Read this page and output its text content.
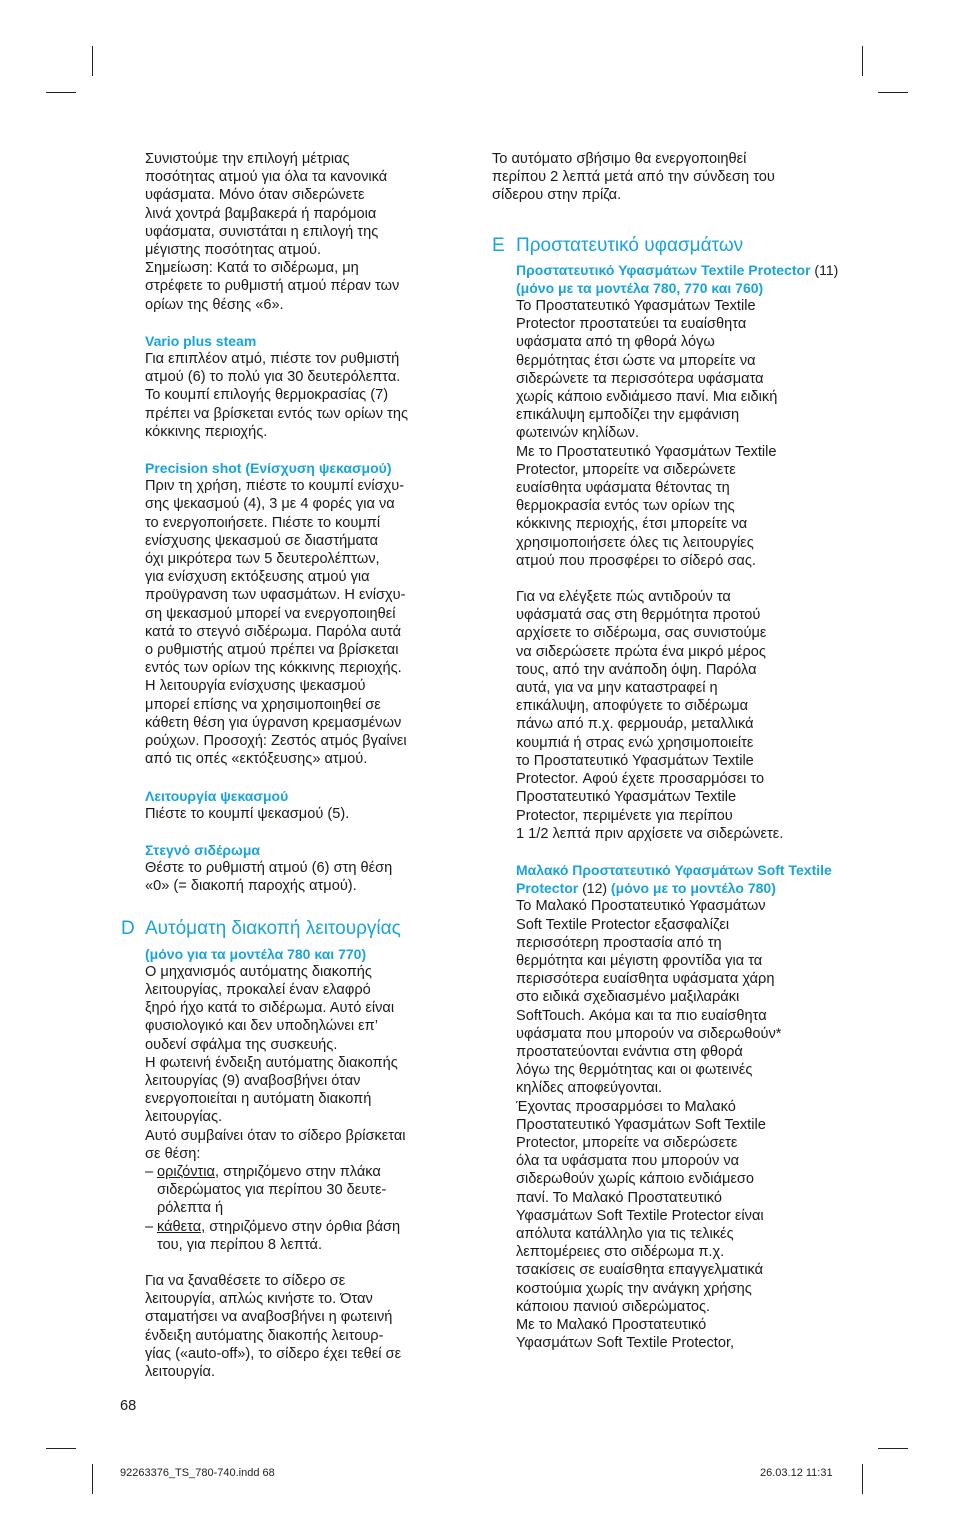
Συνιστούμε την επιλογή μέτριας
ποσότητας ατμού για όλα τα κανονικά
υφάσματα. Μόνο όταν σιδερώνετε
λινά χοντρά βαμβακερά ή παρόμοια
υφάσματα, συνιστάται η επιλογή της
μέγιστης ποσότητας ατμού.
Σημείωση: Κατά το σιδέρωμα, μη
στρέφετε το ρυθμιστή ατμού πέραν των
ορίων της θέσης «6».

Vario plus steam

Για επιπλέον ατμό, πιέστε τον ρυθμιστή
ατμού (6) το πολύ για 30 δευτερόλεπτα.
Το κουμπί επιλογής θερμοκρασίας (7)
πρέπει να βρίσκεται εντός των ορίων της
κόκκινης περιοχής.

Precision shot (Ενίσχυση ψεκασμού)

Πριν τη χρήση, πιέστε το κουμπί ενίσχυ-
σης ψεκασμού (4), 3 με 4 φορές για να
το ενεργοποιήσετε. Πιέστε το κουμπί
ενίσχυσης ψεκασμού σε διαστήματα
όχι μικρότερα των 5 δευτερολέπτων,
για ενίσχυση εκτόξευσης ατμού για
προϋγρανση των υφασμάτων. Η ενίσχυ-
ση ψεκασμού μπορεί να ενεργοποιηθεί
κατά το στεγνό σιδέρωμα. Παρόλα αυτά
ο ρυθμιστής ατμού πρέπει να βρίσκεται
εντός των ορίων της κόκκινης περιοχής.
Η λειτουργία ενίσχυσης ψεκασμού
μπορεί επίσης να χρησιμοποιηθεί σε
κάθετη θέση για ύγρανση κρεμασμένων
ρούχων. Προσοχή: Ζεστός ατμός βγαίνει
από τις οπές «εκτόξευσης» ατμού.

Λειτουργία ψεκασμού

Πιέστε το κουμπί ψεκασμού (5).

Στεγνό σιδέρωμα

Θέστε το ρυθμιστή ατμού (6) στη θέση
«0» (= διακοπή παροχής ατμού).

D Αυτόματη διακοπή λειτουργίας

(μόνο για τα μοντέλα 780 και 770)

Ο μηχανισμός αυτόματης διακοπής
λειτουργίας, προκαλεί έναν ελαφρό
ξηρό ήχο κατά το σιδέρωμα. Αυτό είναι
φυσιολογικό και δεν υποδηλώνει επ’
ουδενί σφάλμα της συσκευής.
Η φωτεινή ένδειξη αυτόματης διακοπής
λειτουργίας (9) αναβοσβήνει όταν
ενεργοποιείται η αυτόματη διακοπή
λειτουργίας.
Αυτό συμβαίνει όταν το σίδερο βρίσκεται
σε θέση:

– οριζόντια, στηριζόμενο στην πλάκα
σιδερώματος για περίπου 30 δευτε-
ρόλεπτα ή
– κάθετα, στηριζόμενο στην όρθια βάση
του, για περίπου 8 λεπτά.

Για να ξαναθέσετε το σίδερο σε
λειτουργία, απλώς κινήστε το. Όταν
σταματήσει να αναβοσβήνει η φωτεινή
ένδειξη αυτόματης διακοπής λειτουρ-
γίας («auto-off»), το σίδερο έχει τεθεί σε
λειτουργία.

Το αυτόματο σβήσιμο θα ενεργοποιηθεί
περίπου 2 λεπτά μετά από την σύνδεση του
σίδερου στην πρίζα.

E Προστατευτικό υφασμάτων

Προστατευτικό Υφασμάτων Textile Protector (11) (μόνο με τα μοντέλα 780, 770 και 760)

Το Προστατευτικό Υφασμάτων Textile
Protector προστατεύει τα ευαίσθητα
υφάσματα από τη φθορά λόγω
θερμότητας έτσι ώστε να μπορείτε να
σιδερώνετε τα περισσότερα υφάσματα
χωρίς κάποιο ενδιάμεσο πανί. Μια ειδική
επικάλυψη εμποδίζει την εμφάνιση
φωτεινών κηλίδων.
Με το Προστατευτικό Υφασμάτων Textile
Protector, μπορείτε να σιδερώνετε
ευαίσθητα υφάσματα θέτοντας τη
θερμοκρασία εντός των ορίων της
κόκκινης περιοχής, έτσι μπορείτε να
χρησιμοποιήσετε όλες τις λειτουργίες
ατμού που προσφέρει το σίδερό σας.

Για να ελέγξετε πώς αντιδρούν τα
υφάσματά σας στη θερμότητα προτού
αρχίσετε το σιδέρωμα, σας συνιστούμε
να σιδερώσετε πρώτα ένα μικρό μέρος
τους, από την ανάποδη όψη. Παρόλα
αυτά, για να μην καταστραφεί η
επικάλυψη, αποφύγετε το σιδέρωμα
πάνω από π.χ. φερμουάρ, μεταλλικά
κουμπιά ή στρας ενώ χρησιμοποιείτε
το Προστατευτικό Υφασμάτων Textile
Protector. Αφού έχετε προσαρμόσει το
Προστατευτικό Υφασμάτων Textile
Protector, περιμένετε για περίπου
1 1/2 λεπτά πριν αρχίσετε να σιδερώνετε.

Μαλακό Προστατευτικό Υφασμάτων Soft Textile Protector (12) (μόνο με το μοντέλο 780)

Το Μαλακό Προστατευτικό Υφασμάτων
Soft Textile Protector εξασφαλίζει
περισσότερη προστασία από τη
θερμότητα και μέγιστη φροντίδα για τα
περισσότερα ευαίσθητα υφάσματα χάρη
στο ειδικά σχεδιασμένο μαξιλαράκι
SoftTouch. Ακόμα και τα πιο ευαίσθητα
υφάσματα που μπορούν να σιδερωθούν*
προστατεύονται ενάντια στη φθορά
λόγω της θερμότητας και οι φωτεινές
κηλίδες αποφεύγονται.
Έχοντας προσαρμόσει το Μαλακό
Προστατευτικό Υφασμάτων Soft Textile
Protector, μπορείτε να σιδερώσετε
όλα τα υφάσματα που μπορούν να
σιδερωθούν χωρίς κάποιο ενδιάμεσο
πανί. Το Μαλακό Προστατευτικό
Υφασμάτων Soft Textile Protector είναι
απόλυτα κατάλληλο για τις τελικές
λεπτομέρειες στο σιδέρωμα π.χ.
τσακίσεις σε ευαίσθητα επαγγελματικά
κοστούμια χωρίς την ανάγκη χρήσης
κάποιου πανιού σιδερώματος.
Με το Μαλακό Προστατευτικό
Υφασμάτων Soft Textile Protector,

68
92263376_TS_780-740.indd 68	26.03.12 11:31
